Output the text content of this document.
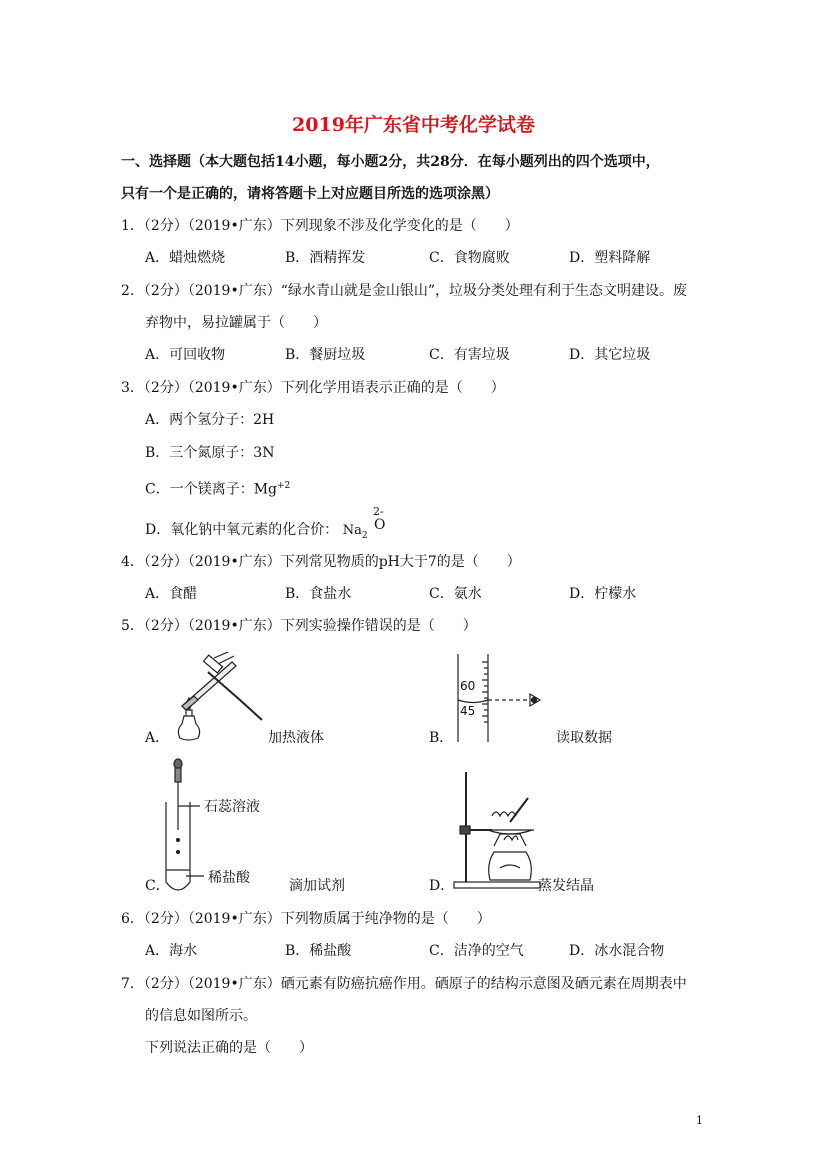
2019年广东省中考化学试卷
一、选择题（本大题包括14小题，每小题2分，共28分．在每小题列出的四个选项中，
只有一个是正确的，请将答题卡上对应题目所选的选项涂黑）
1．（2分）（2019•广东）下列现象不涉及化学变化的是（　　）
A．蜡烛燃烧	B．酒精挥发	C．食物腐败	D．塑料降解
2．（2分）（2019•广东）“绿水青山就是金山银山”，垃圾分类处理有利于生态文明建设。废
弃物中，易拉罐属于（　　）
A．可回收物	B．餐厨垃圾	C．有害垃圾	D．其它垃圾
3．（2分）（2019•广东）下列化学用语表示正确的是（　　）
A．两个氢分子：2H
B．三个氮原子：3N
C．一个镁离子：$Mg^{+2}$
D．氧化钠中氧元素的化合价： $Na_2$
2-
O
4．（2分）（2019•广东）下列常见物质的pH大于7的是（　　）
A．食醋	B．食盐水	C．氨水	D．柠檬水
5．（2分）（2019•广东）下列实验操作错误的是（　　）
A．	加热液体
60
45
B．	读取数据
石蕊溶液
稀盐酸
C．	滴加试剂	D．	蒸发结晶
6．（2分）（2019•广东）下列物质属于纯净物的是（　　）
A．海水	B．稀盐酸	C．洁净的空气	D．冰水混合物
7．（2分）（2019•广东）硒元素有防癌抗癌作用。硒原子的结构示意图及硒元素在周期表中
的信息如图所示。
下列说法正确的是（　　）
1
